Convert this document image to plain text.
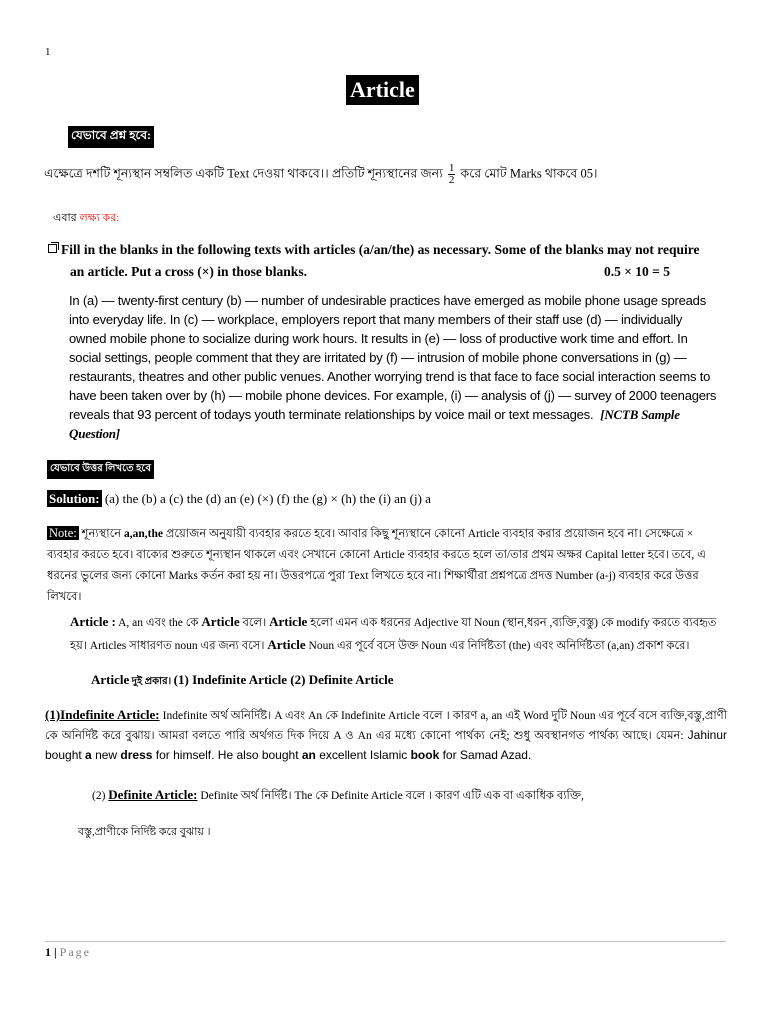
1
Article
যেভাবে প্রশ্ন হবে:
এক্ষেত্রে দশটি শূন্যস্থান সম্বলিত একটি Text দেওয়া থাকবে।। প্রতিটি শূন্যস্থানের জন্য $\frac{1}{2}$ করে মোট Marks থাকবে 05।
এবার লক্ষ্য কর:
Fill in the blanks in the following texts with articles (a/an/the) as necessary. Some of the blanks may not require
an article. Put a cross (×) in those blanks.	0.5 × 10 = 5
In (a) — twenty-first century (b) — number of undesirable practices have emerged as mobile phone usage spreads into everyday life. In (c) — workplace, employers report that many members of their staff use (d) — individually owned mobile phone to socialize during work hours. It results in (e) — loss of productive work time and effort. In social settings, people comment that they are irritated by (f) — intrusion of mobile phone conversations in (g) — restaurants, theatres and other public venues. Another worrying trend is that face to face social interaction seems to have been taken over by (h) — mobile phone devices. For example, (i) — analysis of (j) — survey of 2000 teenagers reveals that 93 percent of todays youth terminate relationships by voice mail or text messages. [NCTB Sample Question]
যেভাবে উত্তর লিখতে হবে
Solution: (a) the (b) a (c) the (d) an (e) (×) (f) the (g) × (h) the (i) an (j) a
Note: শূন্যস্থানে a,an,the প্রয়োজন অনুযায়ী ব্যবহার করতে হবে। আবার কিছু শূন্যস্থানে কোনো Article ব্যবহার করার প্রয়োজন হবে না। সেক্ষেত্রে × ব্যবহার করতে হবে। বাক্যের শুরুতে শূন্যস্থান থাকলে এবং সেখানে কোনো Article ব্যবহার করতে হলে তা/তার প্রথম অক্ষর Capital letter হবে। তবে, এ ধরনের ভুলের জন্য কোনো Marks কর্তন করা হয় না। উত্তরপত্রে পুরা Text লিখতে হবে না। শিক্ষার্থীরা প্রশ্নপত্রে প্রদত্ত Number (a-j) ব্যবহার করে উত্তর লিখবে।
Article : A, an এবং the কে Article বলে। Article হলো এমন এক ধরনের Adjective যা Noun (স্থান,ধরন ,ব্যক্তি,বস্তু) কে modify করতে ব্যবহৃত হয়। Articles সাধারণত noun এর জন্য বসে। Article Noun এর পূর্বে বসে উক্ত Noun এর নির্দিষ্টতা (the) এবং অনির্দিষ্টতা (a,an) প্রকাশ করে।
Article দুই প্রকার। (1) Indefinite Article (2) Definite Article
(1)Indefinite Article: Indefinite অর্থ অনির্দিষ্ট। A এবং An কে Indefinite Article বলে । কারণ a, an এই Word দুটি Noun এর পূর্বে বসে ব্যক্তি,বস্তু,প্রাণী কে অনির্দিষ্ট করে বুঝায়। আমরা বলতে পারি অর্থগত দিক দিয়ে A ও An এর মধ্যে কোনো পার্থক্য নেই; শুধু অবস্থানগত পার্থক্য আছে। যেমন: Jahinur bought a new dress for himself. He also bought an excellent Islamic book for Samad Azad.
(2) Definite Article: Definite অর্থ নির্দিষ্ট। The কে Definite Article বলে । কারণ এটি এক বা একাধিক ব্যক্তি,
বস্তু,প্রাণীকে নির্দিষ্ট করে বুঝায় ।
1 | Page
